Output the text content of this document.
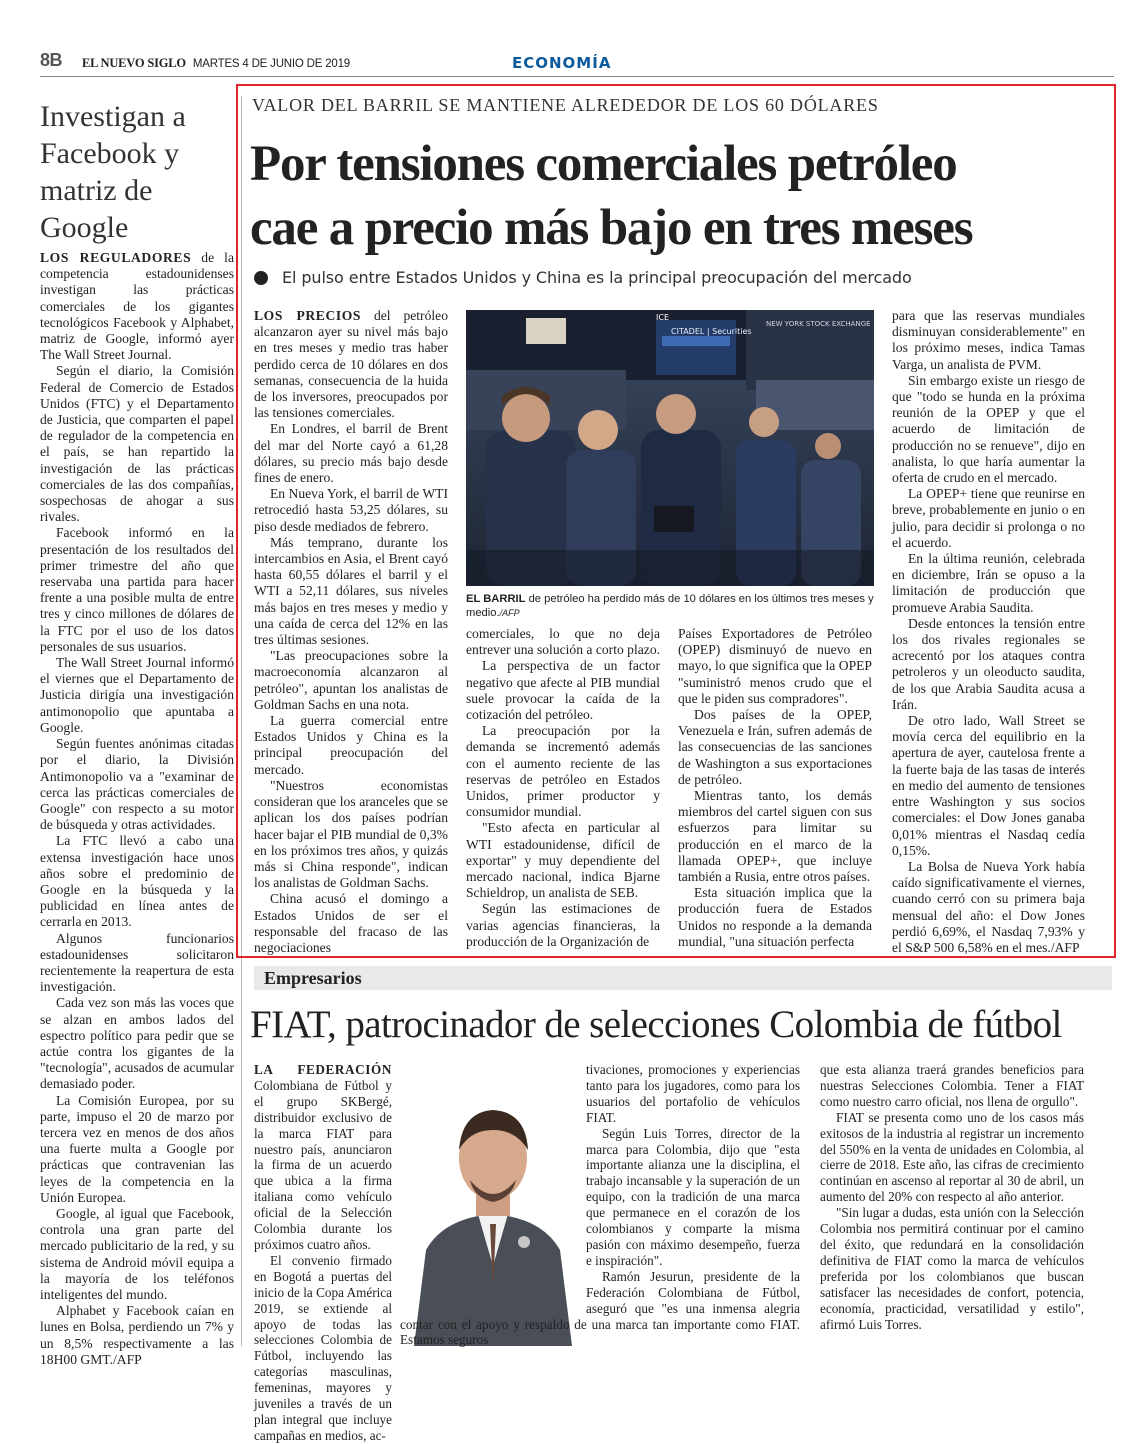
8B EL NUEVO SIGLO MARTES 4 DE JUNIO DE 2019	ECONOMÍA
Investigan a Facebook y matriz de Google

LOS REGULADORES de la competencia estadounidenses investigan las prácticas comerciales de los gigantes tecnológicos Facebook y Alphabet, matriz de Google, informó ayer The Wall Street Journal.

Según el diario, la Comisión Federal de Comercio de Estados Unidos (FTC) y el Departamento de Justicia, que comparten el papel de regulador de la competencia en el país, se han repartido la investigación de las prácticas comerciales de las dos compañías, sospechosas de ahogar a sus rivales.

Facebook informó en la presentación de los resultados del primer trimestre del año que reservaba una partida para hacer frente a una posible multa de entre tres y cinco millones de dólares de la FTC por el uso de los datos personales de sus usuarios.

The Wall Street Journal informó el viernes que el Departamento de Justicia dirigía una investigación antimonopolio que apuntaba a Google.

Según fuentes anónimas citadas por el diario, la División Antimonopolio va a "examinar de cerca las prácticas comerciales de Google" con respecto a su motor de búsqueda y otras actividades.

La FTC llevó a cabo una extensa investigación hace unos años sobre el predominio de Google en la búsqueda y la publicidad en línea antes de cerrarla en 2013.

Algunos funcionarios estadounidenses solicitaron recientemente la reapertura de esta investigación.

Cada vez son más las voces que se alzan en ambos lados del espectro político para pedir que se actúe contra los gigantes de la "tecnología", acusados de acumular demasiado poder.

La Comisión Europea, por su parte, impuso el 20 de marzo por tercera vez en menos de dos años una fuerte multa a Google por prácticas que contravenian las leyes de la competencia en la Unión Europea.

Google, al igual que Facebook, controla una gran parte del mercado publicitario de la red, y su sistema de Android móvil equipa a la mayoría de los teléfonos inteligentes del mundo.

Alphabet y Facebook caían en lunes en Bolsa, perdiendo un 7% y un 8,5% respectivamente a las 18H00 GMT./AFP

VALOR DEL BARRIL SE MANTIENE ALREDEDOR DE LOS 60 DÓLARES
Por tensiones comerciales petróleo
cae a precio más bajo en tres meses
El pulso entre Estados Unidos y China es la principal preocupación del mercado

LOS PRECIOS del petróleo alcanzaron ayer su nivel más bajo en tres meses y medio tras haber perdido cerca de 10 dólares en dos semanas, consecuencia de la huida de los inversores, preocupados por las tensiones comerciales.

En Londres, el barril de Brent del mar del Norte cayó a 61,28 dólares, su precio más bajo desde fines de enero.

En Nueva York, el barril de WTI retrocedió hasta 53,25 dólares, su piso desde mediados de febrero.

Más temprano, durante los intercambios en Asia, el Brent cayó hasta 60,55 dólares el barril y el WTI a 52,11 dólares, sus niveles más bajos en tres meses y medio y una caída de cerca del 12% en las tres últimas sesiones.

"Las preocupaciones sobre la macroeconomía alcanzaron al petróleo", apuntan los analistas de Goldman Sachs en una nota.

La guerra comercial entre Estados Unidos y China es la principal preocupación del mercado.

"Nuestros economistas consideran que los aranceles que se aplican los dos países podrían hacer bajar el PIB mundial de 0,3% en los próximos tres años, y quizás más si China responde", indican los analistas de Goldman Sachs.

China acusó el domingo a Estados Unidos de ser el responsable del fracaso de las negociaciones

CITADEL | Securities
NEW YORK STOCK EXCHANGE
ICE
EL BARRIL de petróleo ha perdido más de 10 dólares en los últimos tres meses y medio./AFP

comerciales, lo que no deja entrever una solución a corto plazo.

La perspectiva de un factor negativo que afecte al PIB mundial suele provocar la caída de la cotización del petróleo.

La preocupación por la demanda se incrementó además con el aumento reciente de las reservas de petróleo en Estados Unidos, primer productor y consumidor mundial.

"Esto afecta en particular al WTI estadounidense, difícil de exportar" y muy dependiente del mercado nacional, indica Bjarne Schieldrop, un analista de SEB.

Según las estimaciones de varias agencias financieras, la producción de la Organización de

Países Exportadores de Petróleo (OPEP) disminuyó de nuevo en mayo, lo que significa que la OPEP "suministró menos crudo que el que le piden sus compradores".

Dos países de la OPEP, Venezuela e Irán, sufren además de las consecuencias de las sanciones de Washington a sus exportaciones de petróleo.

Mientras tanto, los demás miembros del cartel siguen con sus esfuerzos para limitar su producción en el marco de la llamada OPEP+, que incluye también a Rusia, entre otros países.

Esta situación implica que la producción fuera de Estados Unidos no responde a la demanda mundial, "una situación perfecta

para que las reservas mundiales disminuyan considerablemente" en los próximo meses, indica Tamas Varga, un analista de PVM.

Sin embargo existe un riesgo de que "todo se hunda en la próxima reunión de la OPEP y que el acuerdo de limitación de producción no se renueve", dijo en analista, lo que haría aumentar la oferta de crudo en el mercado.

La OPEP+ tiene que reunirse en breve, probablemente en junio o en julio, para decidir si prolonga o no el acuerdo.

En la última reunión, celebrada en diciembre, Irán se opuso a la limitación de producción que promueve Arabia Saudita.

Desde entonces la tensión entre los dos rivales regionales se acrecentó por los ataques contra petroleros y un oleoducto saudita, de los que Arabia Saudita acusa a Irán.

De otro lado, Wall Street se movía cerca del equilibrio en la apertura de ayer, cautelosa frente a la fuerte baja de las tasas de interés en medio del aumento de tensiones entre Washington y sus socios comerciales: el Dow Jones ganaba 0,01% mientras el Nasdaq cedía 0,15%.

La Bolsa de Nueva York había caído significativamente el viernes, cuando cerró con su primera baja mensual del año: el Dow Jones perdió 6,69%, el Nasdaq 7,93% y el S&P 500 6,58% en el mes./AFP

Empresarios
FIAT, patrocinador de selecciones Colombia de fútbol

LA FEDERACIÓN Colombiana de Fútbol y el grupo SKBergé, distribuidor exclusivo de la marca FIAT para nuestro país, anunciaron la firma de un acuerdo que ubica a la firma italiana como vehículo oficial de la Selección Colombia durante los próximos cuatro años.

El convenio firmado en Bogotá a puertas del inicio de la Copa América 2019, se extiende al apoyo de todas las selecciones Colombia de Fútbol, incluyendo las categorías masculinas, femeninas, mayores y juveniles a través de un plan integral que incluye campañas en medios, ac-

tivaciones, promociones y experiencias tanto para los jugadores, como para los usuarios del portafolio de vehículos FIAT.

Según Luis Torres, director de la marca para Colombia, dijo que "esta importante alianza une la disciplina, el trabajo incansable y la superación de un equipo, con la tradición de una marca que permanece en el corazón de los colombianos y comparte la misma pasión con máximo desempeño, fuerza e inspiración".

Ramón Jesurun, presidente de la Federación Colombiana de Fútbol, aseguró que "es una inmensa alegria contar con el apoyo y respaldo de una marca tan importante como FIAT. Estamos seguros

que esta alianza traerá grandes beneficios para nuestras Selecciones Colombia. Tener a FIAT como nuestro carro oficial, nos llena de orgullo".

FIAT se presenta como uno de los casos más exitosos de la industria al registrar un incremento del 550% en la venta de unidades en Colombia, al cierre de 2018. Este año, las cifras de crecimiento continúan en ascenso al reportar al 30 de abril, un aumento del 20% con respecto al año anterior.

"Sin lugar a dudas, esta unión con la Selección Colombia nos permitirá continuar por el camino del éxito, que redundará en la consolidación definitiva de FIAT como la marca de vehículos preferida por los colombianos que buscan satisfacer las necesidades de confort, potencia, economía, practicidad, versatilidad y estilo", afirmó Luis Torres.
